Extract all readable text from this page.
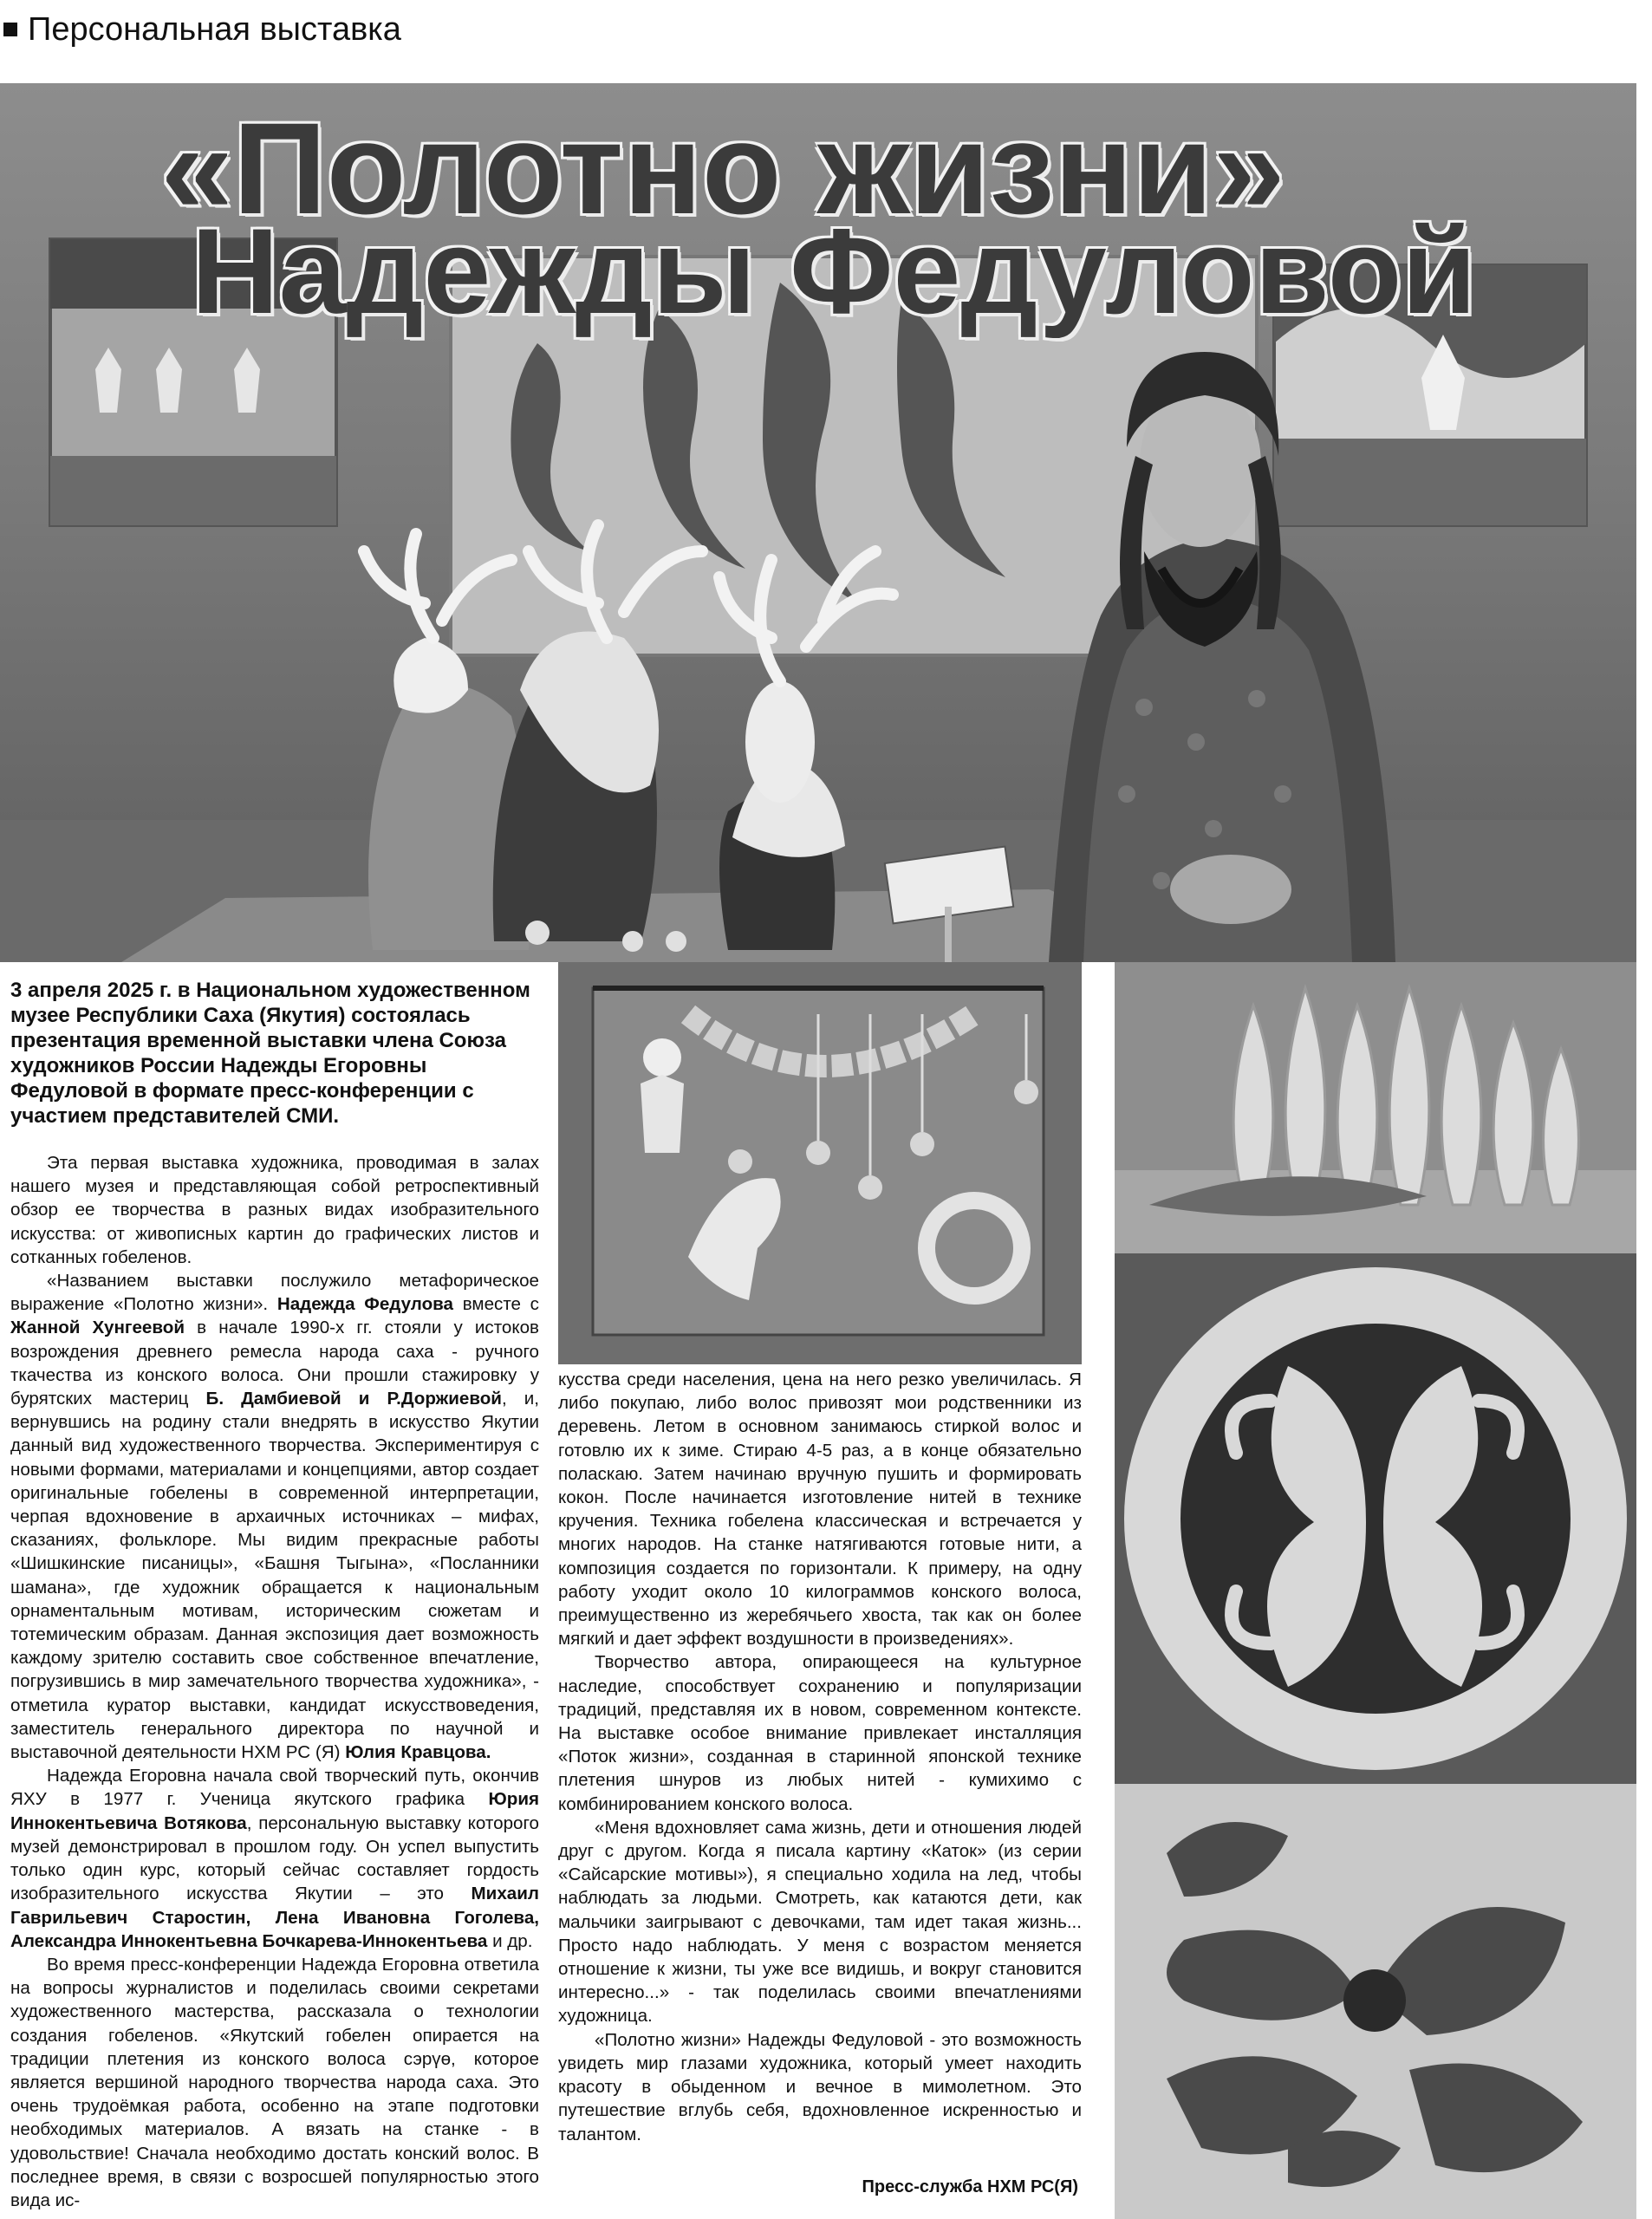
Персональная выставка
«Полотно жизни»
Надежды Федуловой
3 апреля 2025 г. в Национальном художественном музее Республики Саха (Якутия) состоялась презентация временной выставки члена Союза художников России Надежды Егоровны Федуловой в формате пресс-конференции с участием представителей СМИ.

Эта первая выставка художника, проводимая в залах нашего музея и представляющая собой ретроспективный обзор ее творчества в разных видах изобразительного искусства: от живописных картин до графических листов и сотканных гобеленов.

«Названием выставки послужило метафорическое выражение «Полотно жизни». Надежда Федулова вместе с Жанной Хунгеевой в начале 1990-х гг. стояли у истоков возрождения древнего ремесла народа саха - ручного ткачества из конского волоса. Они прошли стажировку у бурятских мастериц Б. Дамбиевой и Р.Доржиевой, и, вернувшись на родину стали внедрять в искусство Якутии данный вид художественного творчества. Экспериментируя с новыми формами, материалами и концепциями, автор создает оригинальные гобелены в современной интерпретации, черпая вдохновение в архаичных источниках – мифах, сказаниях, фольклоре. Мы видим прекрасные работы «Шишкинские писаницы», «Башня Тыгына», «Посланники шамана», где художник обращается к национальным орнаментальным мотивам, историческим сюжетам и тотемическим образам. Данная экспозиция дает возможность каждому зрителю составить свое собственное впечатление, погрузившись в мир замечательного творчества художника», - отметила куратор выставки, кандидат искусствоведения, заместитель генерального директора по научной и выставочной деятельности НХМ РС (Я) Юлия Кравцова.

Надежда Егоровна начала свой творческий путь, окончив ЯХУ в 1977 г. Ученица якутского графика Юрия Иннокентьевича Вотякова, персональную выставку которого музей демонстрировал в прошлом году. Он успел выпустить только один курс, который сейчас составляет гордость изобразительного искусства Якутии – это Михаил Гаврильевич Старостин, Лена Ивановна Гоголева, Александра Иннокентьевна Бочкарева-Иннокентьева и др.

Во время пресс-конференции Надежда Егоровна ответила на вопросы журналистов и поделилась своими секретами художественного мастерства, рассказала о технологии создания гобеленов. «Якутский гобелен опирается на традиции плетения из конского волоса сэрүө, которое является вершиной народного творчества народа саха. Это очень трудоёмкая работа, особенно на этапе подготовки необходимых материалов. А вязать на станке - в удовольствие! Сначала необходимо достать конский волос. В последнее время, в связи с возросшей популярностью этого вида ис-

кусства среди населения, цена на него резко увеличилась. Я либо покупаю, либо волос привозят мои родственники из деревень. Летом в основном занимаюсь стиркой волос и готовлю их к зиме. Стираю 4-5 раз, а в конце обязательно поласкаю. Затем начинаю вручную пушить и формировать кокон. После начинается изготовление нитей в технике кручения. Техника гобелена классическая и встречается у многих народов. На станке натягиваются готовые нити, а композиция создается по горизонтали. К примеру, на одну работу уходит около 10 килограммов конского волоса, преимущественно из жеребячьего хвоста, так как он более мягкий и дает эффект воздушности в произведениях».

Творчество автора, опирающееся на культурное наследие, способствует сохранению и популяризации традиций, представляя их в новом, современном контексте. На выставке особое внимание привлекает инсталляция «Поток жизни», созданная в старинной японской технике плетения шнуров из любых нитей - кумихимо с комбинированием конского волоса.

«Меня вдохновляет сама жизнь, дети и отношения людей друг с другом. Когда я писала картину «Каток» (из серии «Сайсарские мотивы»), я специально ходила на лед, чтобы наблюдать за людьми. Смотреть, как катаются дети, как мальчики заигрывают с девочками, там идет такая жизнь... Просто надо наблюдать. У меня с возрастом меняется отношение к жизни, ты уже все видишь, и вокруг становится интересно...» - так поделилась своими впечатлениями художница.

«Полотно жизни» Надежды Федуловой - это возможность увидеть мир глазами художника, который умеет находить красоту в обыденном и вечное в мимолетном. Это путешествие вглубь себя, вдохновленное искренностью и талантом.

Пресс-служба НХМ РС(Я)
